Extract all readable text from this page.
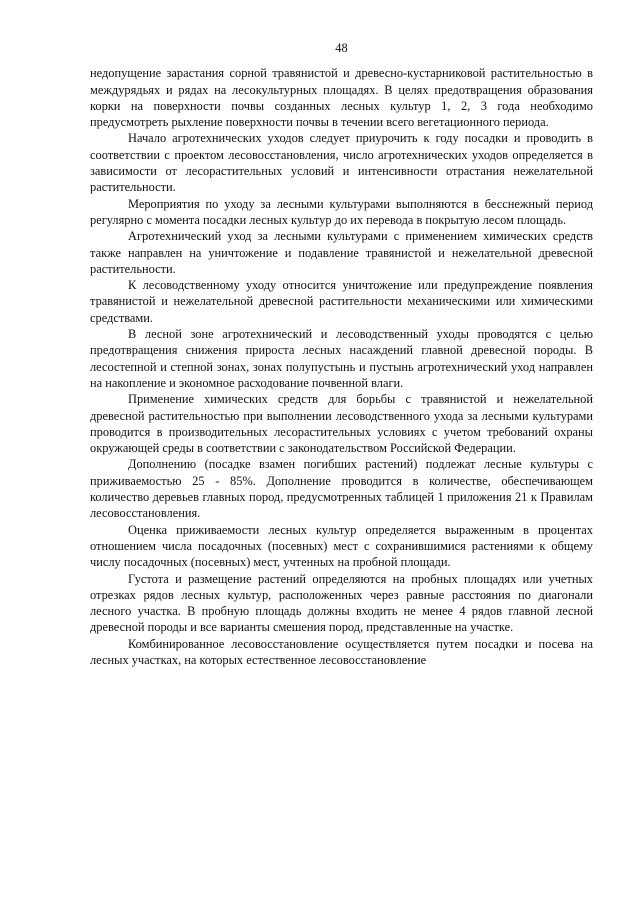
48

недопущение зарастания сорной травянистой и древесно-кустарниковой растительностью в междурядьях и рядах на лесокультурных площадях. В целях предотвращения образования корки на поверхности почвы созданных лесных культур 1, 2, 3 года необходимо предусмотреть рыхление поверхности почвы в течении всего вегетационного периода.

Начало агротехнических уходов следует приурочить к году посадки и проводить в соответствии с проектом лесовосстановления, число агротехнических уходов определяется в зависимости от лесорастительных условий и интенсивности отрастания нежелательной растительности.

Мероприятия по уходу за лесными культурами выполняются в бесснежный период регулярно с момента посадки лесных культур до их перевода в покрытую лесом площадь.

Агротехнический уход за лесными культурами с применением химических средств также направлен на уничтожение и подавление травянистой и нежелательной древесной растительности.

К лесоводственному уходу относится уничтожение или предупреждение появления травянистой и нежелательной древесной растительности механическими или химическими средствами.

В лесной зоне агротехнический и лесоводственный уходы проводятся с целью предотвращения снижения прироста лесных насаждений главной древесной породы. В лесостепной и степной зонах, зонах полупустынь и пустынь агротехнический уход направлен на накопление и экономное расходование почвенной влаги.

Применение химических средств для борьбы с травянистой и нежелательной древесной растительностью при выполнении лесоводственного ухода за лесными культурами проводится в производительных лесорастительных условиях с учетом требований охраны окружающей среды в соответствии с законодательством Российской Федерации.

Дополнению (посадке взамен погибших растений) подлежат лесные культуры с приживаемостью 25 - 85%. Дополнение проводится в количестве, обеспечивающем количество деревьев главных пород, предусмотренных таблицей 1 приложения 21 к Правилам лесовосстановления.

Оценка приживаемости лесных культур определяется выраженным в процентах отношением числа посадочных (посевных) мест с сохранившимися растениями к общему числу посадочных (посевных) мест, учтенных на пробной площади.

Густота и размещение растений определяются на пробных площадях или учетных отрезках рядов лесных культур, расположенных через равные расстояния по диагонали лесного участка. В пробную площадь должны входить не менее 4 рядов главной лесной древесной породы и все варианты смешения пород, представленные на участке.

Комбинированное лесовосстановление осуществляется путем посадки и посева на лесных участках, на которых естественное лесовосстановление
